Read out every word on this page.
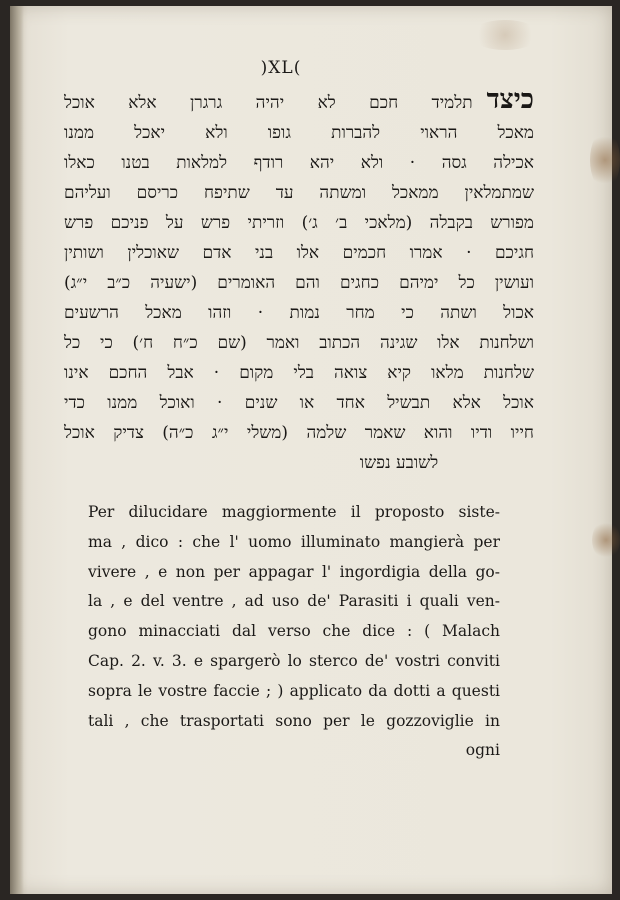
)XL(
כיצדתלמיד חכם לא יהיה גרגרן אלא אוכל
מאכל הראוי להברות גופו ולא יאכל ממנו
אכילה גסה · ולא יהא רודף למלאות בטנו כאלו
שמתמלאין ממאכל ומשתה עד שתיפח כריסם ועליהם
מפורש בקבלה (מלאכי ב׳ ג׳) וזריתי פרש על פניכם פרש
חגיכם · אמרו חכמים אלו בני אדם שאוכלין ושותין
ועושין כל ימיהם כחגים והם האומרים (ישעיה כ״ב י״ג)
אכול ושתה כי מחר נמות · וזהו מאכל הרשעים
ושלחנות אלו שגינה הכתוב ואמר (שם כ״ח ח׳) כי כל
שלחנות מלאו קיא צואה בלי מקום · אבל החכם אינו
אוכל אלא תבשיל אחד או שנים · ואוכל ממנו כדי
חייו ודיו והוא שאמר שלמה (משלי י״ג כ״ה) צדיק אוכל
לשובע נפשו
Per dilucidare maggiormente il proposto siste-
ma , dico : che l' uomo illuminato mangierà per
vivere , e non per appagar l' ingordigia della go-
la , e del ventre , ad uso de' Parasiti i quali ven-
gono minacciati dal verso che dice : ( Malach
Cap. 2. v. 3. e spargerò lo sterco de' vostri conviti
sopra le vostre faccie ; ) applicato da dotti a questi
tali , che trasportati sono per le gozzoviglie in
ogni
